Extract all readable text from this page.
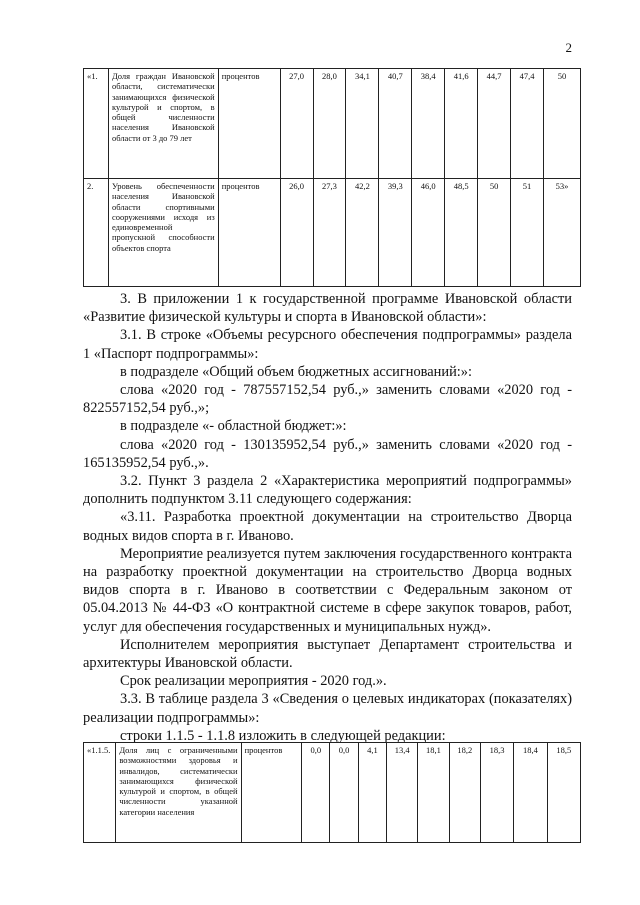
2
«1.	Доля граждан Ивановской области, систематически занимающихся физической культурой и спортом, в общей численности населения Ивановской области от 3 до 79 лет	процентов	27,0	28,0	34,1	40,7	38,4	41,6	44,7	47,4	50
2.	Уровень обеспеченности населения Ивановской области спортивными сооружениями исходя из единовременной пропускной способности объектов спорта	процентов	26,0	27,3	42,2	39,3	46,0	48,5	50	51	53»

3. В приложении 1 к государственной программе Ивановской области «Развитие физической культуры и спорта в Ивановской области»:

3.1. В строке «Объемы ресурсного обеспечения подпрограммы» раздела 1 «Паспорт подпрограммы»:

в подразделе «Общий объем бюджетных ассигнований:»:

слова «2020 год - 787557152,54 руб.,» заменить словами «2020 год - 822557152,54 руб.,»;

в подразделе «- областной бюджет:»:

слова «2020 год - 130135952,54 руб.,» заменить словами «2020 год - 165135952,54 руб.,».

3.2. Пункт 3 раздела 2 «Характеристика мероприятий подпрограммы» дополнить подпунктом 3.11 следующего содержания:

«3.11. Разработка проектной документации на строительство Дворца водных видов спорта в г. Иваново.

Мероприятие реализуется путем заключения государственного контракта на разработку проектной документации на строительство Дворца водных видов спорта в г. Иваново в соответствии с Федеральным законом от 05.04.2013 № 44-ФЗ «О контрактной системе в сфере закупок товаров, работ, услуг для обеспечения государственных и муниципальных нужд».

Исполнителем мероприятия выступает Департамент строительства и архитектуры Ивановской области.

Срок реализации мероприятия - 2020 год.».

3.3. В таблице раздела 3 «Сведения о целевых индикаторах (показателях) реализации подпрограммы»:

строки 1.1.5 - 1.1.8 изложить в следующей редакции:

«1.1.5.	Доля лиц с ограниченными возможностями здоровья и инвалидов, систематически занимающихся физической культурой и спортом, в общей численности указанной категории населения	процентов	0,0	0,0	4,1	13,4	18,1	18,2	18,3	18,4	18,5
